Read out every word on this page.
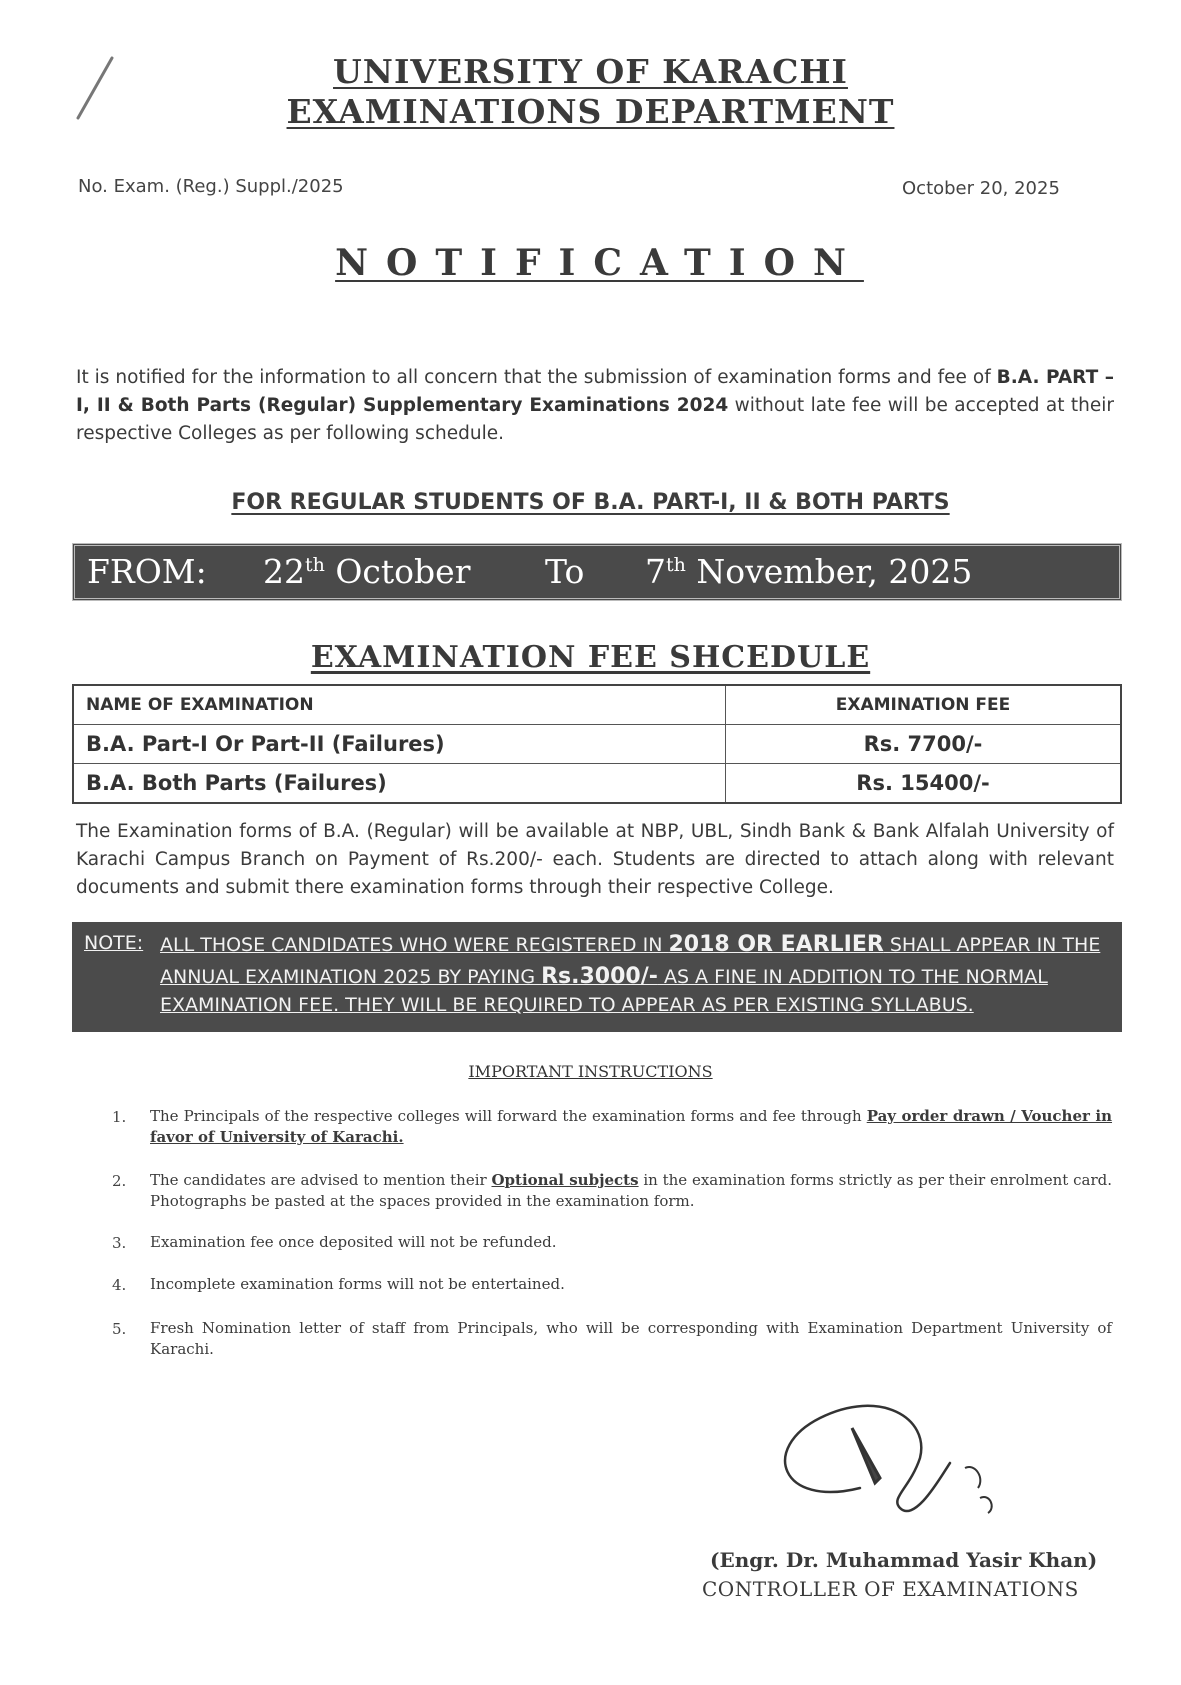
UNIVERSITY OF KARACHI
EXAMINATIONS DEPARTMENT
No. Exam. (Reg.) Suppl./2025	October 20, 2025
NOTIFICATION
It is notified for the information to all concern that the submission of examination forms and fee of B.A. PART – I, II & Both Parts (Regular) Supplementary Examinations 2024 without late fee will be accepted at their respective Colleges as per following schedule.
FOR REGULAR STUDENTS OF B.A. PART-I, II & BOTH PARTS
FROM: 22th October To 7th November, 2025
EXAMINATION FEE SHCEDULE
NAME OF EXAMINATION	EXAMINATION FEE
B.A. Part-I Or Part-II (Failures)	Rs. 7700/-
B.A. Both Parts (Failures)	Rs. 15400/-
The Examination forms of B.A. (Regular) will be available at NBP, UBL, Sindh Bank & Bank Alfalah University of Karachi Campus Branch on Payment of Rs.200/- each. Students are directed to attach along with relevant documents and submit there examination forms through their respective College.
NOTE: ALL THOSE CANDIDATES WHO WERE REGISTERED IN 2018 OR EARLIER SHALL APPEAR IN THE
ANNUAL EXAMINATION 2025 BY PAYING Rs.3000/- AS A FINE IN ADDITION TO THE NORMAL
EXAMINATION FEE. THEY WILL BE REQUIRED TO APPEAR AS PER EXISTING SYLLABUS.
IMPORTANT INSTRUCTIONS
1. The Principals of the respective colleges will forward the examination forms and fee through Pay order drawn / Voucher in favor of University of Karachi.
2. The candidates are advised to mention their Optional subjects in the examination forms strictly as per their enrolment card. Photographs be pasted at the spaces provided in the examination form.
3. Examination fee once deposited will not be refunded.
4. Incomplete examination forms will not be entertained.
5. Fresh Nomination letter of staff from Principals, who will be corresponding with Examination Department University of Karachi.
(Engr. Dr. Muhammad Yasir Khan)
CONTROLLER OF EXAMINATIONS
